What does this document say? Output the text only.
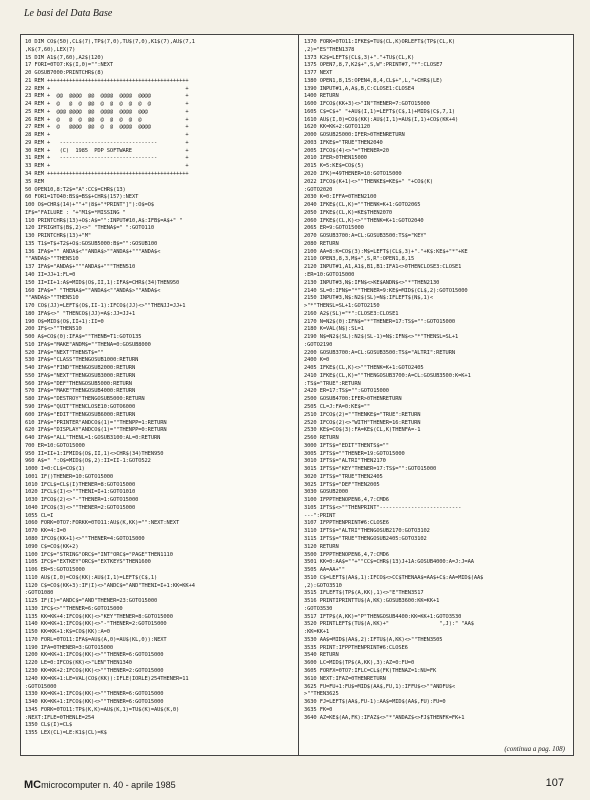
Le basi del Data Base
10 DIM CO$(50),CL$(7),TP$(7,0),TU$(7,0),K1$(7),AU$(7,1
,K$(7,60),LEX(7)
15 DIM A1$(7,60),A2$(120)
17 FORI=0TO7:K$(I,0)="":NEXT
20 GOSUB7000:PRINTCHR$(8)
21 REM +++++++++++++++++++++++++++++++++++++++++++++
22 REM +                                           +
23 REM +  @@  @@@@  @@  @@@@  @@@@  @@@@           +
24 REM +  @   @  @  @@  @  @  @  @  @  @           +
25 REM +  @@@ @@@@  @@  @@@@  @@@@  @@@            +
26 REM +  @   @  @  @@  @  @  @  @  @              +
27 REM +  @   @@@@  @@  @  @  @@@@  @@@@           +
28 REM +                                           +
29 REM +   -------------------------------         +
30 REM +   (C)  1985  PDP SOFTWARE                 +
31 REM +   -------------------------------         +
33 REM +                                           +
34 REM +++++++++++++++++++++++++++++++++++++++++++++
35 REM
50 OPEN10,8:T2$="A":CC$=CHR$(13)
60 FOR1=1TO40:BS$=BS$+CHR$(157):NEXT
100 O$=CHR$(14)+""+"(8$+"*PRINT"]"):O$=O$
IF$="FAILURE : "+"M1$=*MISSING "
110 PRINTCHR$(13)+O$:A$="":INPUT#10,A$:IFB$=A$+" "
120 IFRIGHT$(B$,2)<>" "THENA$=" ":GOTO110
130 PRINTCHR$(13)+"M"
135 T1$=T$+T2$+O$:GOSUB5000:B$="":GOSUB100
136 IFA$="" ANDA$<""ANDA$>""ANDA$+"""ANDA$<
""ANDA$>""THEN510
137 IFA$="ANDA$+"""ANDA$+"""THEN510
140 II=JJ+1:FL=0
150 II=II+1:A$=MID$(O$,II,1):IFA$=CHR$(34)THEN950
160 IFA$=" "THENA$=""ANDA$<""ANDA$>""ANDA$<
""ANDA$>""THEN510
170 CO$(JJ)=LEFT$(O$,II-1):IFCO$(JJ)<>""THENJJ=JJ+1
180 IFA$<>" "THENCO$(JJ)=A$:JJ=JJ+1
190 O$=MID$(O$,II+1):II=0
200 IF$<>""THEN510
500 A$=CO$(0):IFA$=""THENB=T1:GOTO135
510 IFA$="MAKE"ANDM$=""THENA=0:GOSUB8000
520 IFA$="NEXT"THENST$=""
530 IFA$="CLASS"THENGOSUB1000:RETURN
540 IFA$="FIND"THENGOSUB2000:RETURN
550 IFA$="NEXT"THENGOSUB3000:RETURN
560 IFA$="DEF"THENGOSUB5000:RETURN
570 IFA$="MAKE"THENGOSUB4000:RETURN
580 IFA$="DESTROY"THENGOSUB5000:RETURN
590 IFA$="QUIT"THENCLOSE10:GOTO6000
600 IFA$="EDIT"THENGOSUB6000:RETURN
610 IFA$="PRINTER"ANDCO$(1)=""THENPP=1:RETURN
620 IFA$="DISPLAY"ANDCO$(1)=""THENPP=0:RETURN
640 IFA$="ALL"THENL=1:GOSUB3100:AL=0:RETURN
700 ER=10:GOTO15000
950 II=II+1:IFMID$(O$,II,1)<>CHR$(34)THEN950
960 A$=" ":O$=MID$(O$,2):II=II-1:GOTO522
1000 I=0:CL$=CO$(1)
1001 IF()THENER=10:GOTO15000
1010 IFCL$=CL$(I)THENER=8:GOTO15000
1020 IFCL$(I)<>""THENI=I+1:GOTO1010
1030 IFCO$(2)<>"-"THENER=1:GOTO15000
1040 IFCO$(3)<>""THENER=2:GOTO15000
1055 CL=I
1060 FORK=0TO7:FORKK=0TO11:AU$(K,KK)="":NEXT:NEXT
1070 KK=4:I=0
1080 IFCO$(KK+1)<>""THENER=4:GOTO15000
1090 C$=CO$(KK+2)
1100 IFC$="STRING"ORC$="INT"ORC$="PAGE"THEN1110
1105 IFC$="EXTKEY"ORC$="EXTKEYS"THEN1600
1106 ER=5:GOTO15000
1110 AU$(I,0)=CO$(KK):AU$(I,1)=LEFT$(C$,1)
1120 C$=CO$(KK+3):IF(I)<>"ANDC$="AND"THENI=I+1:KK=KK+4
:GOTO1080
1125 IF(I)="ANDC$="AND"THENER=23:GOTO15000
1130 IFC$<>""THENER=6:GOTO15000
1135 KK=KK+4:IFCO$(KK)<>"KEY"THENER=8:GOTO15000
1140 KK=KK+1:IFCO$(KK)<>"-"THENER=2:GOTO15000
1150 KK=KK+1:K$=CO$(KK):A=0
1170 FORL=0TO11:IFA$=AU$(A,0)=AU$(KL,0)):NEXT
1190 IFA=0THENER=3:GOTO15000
1200 KK=KK+1:IFCO$(KK)<>""THENER=6:GOTO15000
1220 LE=0:IFCO$(KK)<>"LEN"THEN1340
1230 KK=KK+2:IFCO$(KK)<>""THENER=2:GOTO15000
1240 KK=KK+1:LE=VAL(CO$(KK)):IFLE(IORLE)254THENER=11
:GOTO15000
1330 KK=KK+1:IFCO$(KK)<>""THENER=6:GOTO15000
1340 KK=KK+1:IFCO$(KK)<>""THENER=6:GOTO15000
1345 FORK=0TO11:TP$(K,K)=AU$(K,1)=TU$(K)=AU$(K,0)
:NEXT:IFLE=0THENLE=254
1350 CL$(I)=CL$
1355 LEX(CL)=LE:K1$(CL)=K$
1370 FORK=0TO11:IFKE$=TU$(CL,K)ORLEFT$(TP$(CL,K)
,2)="ES"THEN1378
1373 K2$=LEFT$(CL$,3)+"."+TU$(CL,K)
1375 OPEN7,8,7,K2$+",S,W":PRINT#7,"*":CLOSE7
1377 NEXT
1380 OPEN1,8,15:OPEN4,8,4,CL$+",L,"+CHR$(LE)
1390 INPUT#1,A,A$,B,C:CLOSE1:CLOSE4
1400 RETURN
1600 IFCO$(KK+3)<>"IN"THENER=7:GOTO15000
1605 C$=C$+" "+AU$(I,1)=LEFT$(C$,1)+MID$(C$,7,1)
1610 AU$(I,0)=CO$(KK):AU$(I,1)=AU$(I,1)+CO$(KK+4)
1620 KK=KK+2:GOTO1120
2000 GOSUB25000:IFER>0THENRETURN
2003 IFKE$="TRUE"THEN2040
2005 IFCO$(4)<>"="THENER=20
2010 IFER>0THEN15000
2015 K=5:KE$=CO$(5)
2020 IFK)=49THENER=10:GOTO15000
2022 IFCO$(K+1)<>""THENKE$=KE$+" "+CO$(K)
:GOTO2020
2030 K=0:IFFA=0THEN2100
2040 IFKE$(CL,K)=""THENK=K+1:GOTO2065
2050 IFKE$(CL,K)=KE$THEN2070
2060 IFKE$(CL,K)<>""THENK=K+1:GOTO2040
2065 ER=9:GOTO15000
2070 GOSUB3700:A=CL:GOSUB3500:TS$="KEY"
2080 RETURN
2100 AA=8:K=CO$(3):M$=LEFT$(CL$,3)+"."+K$:KE$+"*"+KE
2110 OPEN3,8,3,M$+",S,R":OPEN1,8,15
2120 INPUT#1,A1,A1$,B1,B1:IFA1<>0THENCLOSE3:CLOSE1
:ER=10:GOTO15000
2130 INPUT#3,N$:IFN$<>KE$ANDN$<>"*"THEN2130
2140 SL=0:IFN$="*"THENER=9:KE$=MID$(CL$,2):GOTO15000
2150 INPUT#3,N$:N2$(SL)=N$:IFLEFT$(N$,1)<
>"*"THENSL=SL+1:GOTO2150
2160 A2$(SL)="*":CLOSE3:CLOSE1
2170 N=N2$(0):IFN$="*"THENER=17:TS$="":GOTO15000
2180 K=VAL(N$):SL=1
2190 N$=N2$(SL):N2$(SL-1)=N$:IFN$<>"*"THENSL=SL+1
:GOTO2190
2200 GOSUB3700:A=CL:GOSUB3500:TS$="ALTRI":RETURN
2400 K=0
2405 IFKE$(CL,K)<>""THENK=K+1:GOTO2405
2410 IFKE$(CL,K)=""THENGOSUB3700:A=CL:GOSUB3500:K=K+1
:TS$="TRUE":RETURN
2420 ER=17:TS$="":GOTO15000
2500 GOSUB4700:IFER>0THENRETURN
2505 CL=J:FA=0:KE$=""
2510 IFCO$(2)=""THENKE$="TRUE":RETURN
2520 IFCO$(2)<>"WITH"THENER=16:RETURN
2530 KE$=CO$(3):FA=KE$(CL,K)THENFA=-1
2560 RETURN
3000 IFTS$="EDIT"THENTS$=""
3005 IFTS$=""THENER=19:GOTO15000
3010 IFTS$="ALTRI"THEN2170
3015 IFTS$="KEY"THENER=17:TS$="":GOTO15000
3020 IFTS$="TRUE"THEN2405
3025 IFTS$="DEF"THEN2005
3030 GOSUB2000
3100 IFPPTHENOPEN6,4,7:CMD6
3105 IFTS$<>""THENPRINT"--------------------------
---":PRINT
3107 IFPPTHENPRINT#6:CLOSE6
3110 IFTS$="ALTRI"THENGOSUB2170:GOTO3102
3115 IFTS$="TRUE"THENGOSUB2405:GOTO3102
3120 RETURN
3500 IFPPTHENOPEN6,4,7:CMD6
3501 KK=0:AA$=""+""CC$=CHR$(13)J+1A:GOSUB4000:A=J:J=AA
3505 AA=AA+""
3510 C$=LEFT$(AA$,1):IFCO$<>CC$THENAA$=AA$+C$:AA=MID$(AA$
,2):GOTO3510
3515 IFLEFT$(TP$(A,KK),1)<>"E"THEN3517
3516 PRINTIPRINTTU$(A,KK):GOSUB3600:KK=KK+1
:GOTO3530
3517 IFTP$(A,KK)="P"THENGOSUB4400:KK=KK+1:GOTO3530
3520 PRINTLEFT$(TU$(A,KK)+"                ",J):" "AA$
:KK=KK+1
3530 AA$=MID$(AA$,2):IFTU$(A,KK)<>""THEN3505
3535 PRINT:IFPPTHENPRINT#6:CLOSE6
3540 RETURN
3600 LC=MID$(TP$(A,KK),3):AZ=0:FU=0
3605 FORFX=0TO7:IFLC=CL$(FK)THENAZ=1:NU=FK
3610 NEXT:IFAZ=0THENRETURN
3625 FU=FU+1:FU$=MID$(AA$,FU,1):IFFU$<>""ANDFU$<
>""THEN3625
3630 FJ=LEFT$(AA$,FU-1):AA$=MID$(AA$,FU):FU=0
3635 FK=0
3640 AZ=KE$(AA,FK):IFAZ$<>"*"ANDAZ$<>FJ$THENFK=FK+1
(continua a pag. 108)
MCmicrocomputer n. 40 - aprile 1985	107
